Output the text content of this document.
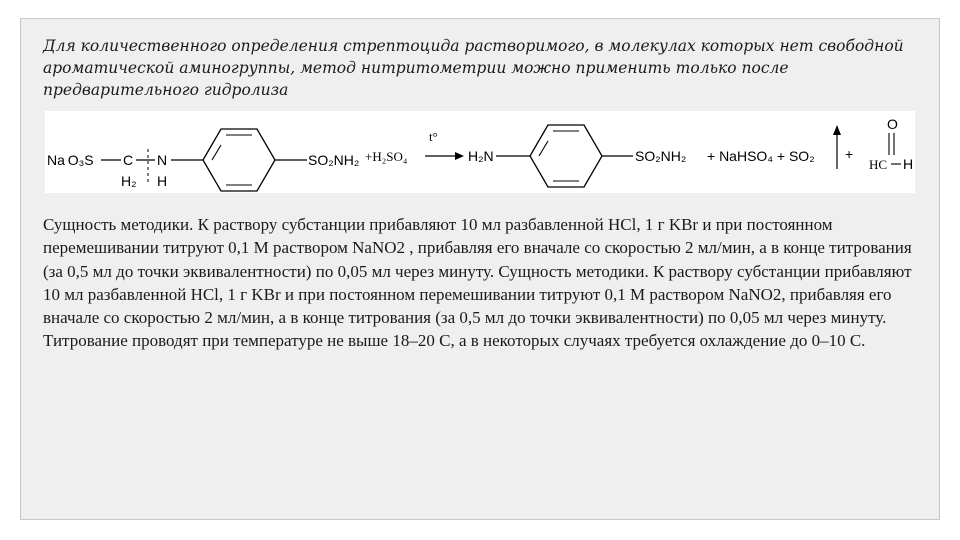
Для количественного определения стрептоцида растворимого, в молекулах которых нет свободной ароматической аминогруппы, метод нитритометрии можно применить только после предварительного гидролиза
Na O₃S C
H₂
N
H
SO₂NH₂ +H₂SO₄
t°
H₂N	SO₂NH₂ + NaHSO₄ + SO₂ +
O
HC H
Сущность методики. К раствору субстанции прибавляют 10 мл разбавленной HCl, 1 г KBr и при постоянном перемешивании титруют 0,1 М раствором NaNO2 , прибавляя его вначале со скоростью 2 мл/мин, а в конце титрования (за 0,5 мл до точки эквивалентности) по 0,05 мл через минуту. Сущность методики. К раствору субстанции прибавляют 10 мл разбавленной HCl, 1 г KBr и при постоянном перемешивании титруют 0,1 М раствором NaNO2, прибавляя его вначале со скоростью 2 мл/мин, а в конце титрования (за 0,5 мл до точки эквивалентности) по 0,05 мл через минуту. Титрование проводят при температуре не выше 18–20 С, а в некоторых случаях требуется охлаждение до 0–10 С.
